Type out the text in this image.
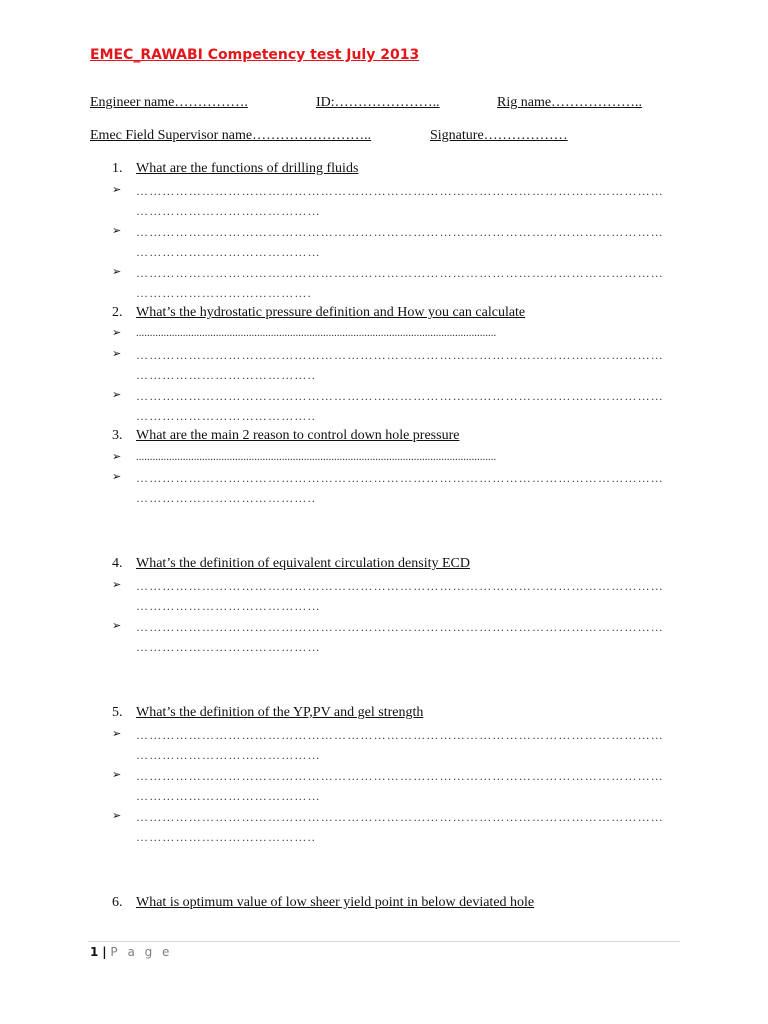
EMEC_RAWABI Competency test July 2013
Engineer name…………….	ID:…………………..	Rig name………………..
Emec Field Supervisor name……………………..	Signature………………
1. What are the functions of drilling fluids
➢ …………………………………………………………………………………………………………
……………………………………
➢ …………………………………………………………………………………………………………
……………………………………
➢ …………………………………………………………………………………………………………
………………………………….
2. What’s the hydrostatic pressure definition and How you can calculate
➢ ...................................................................................................................................
➢ …………………………………………………………………………………………………………
…………………………………..
➢ …………………………………………………………………………………………………………
…………………………………..
3. What are the main 2 reason to control down hole pressure
➢ ...................................................................................................................................
➢ …………………………………………………………………………………………………………
…………………………………..
4. What’s the definition of equivalent circulation density ECD
➢ …………………………………………………………………………………………………………
……………………………………
➢ …………………………………………………………………………………………………………
……………………………………
5. What’s the definition of the YP,PV and gel strength
➢ …………………………………………………………………………………………………………
……………………………………
➢ …………………………………………………………………………………………………………
……………………………………
➢ …………………………………………………………………………………………………………
…………………………………..
6. What is optimum value of low sheer yield point in below deviated hole
1 | P a g e
